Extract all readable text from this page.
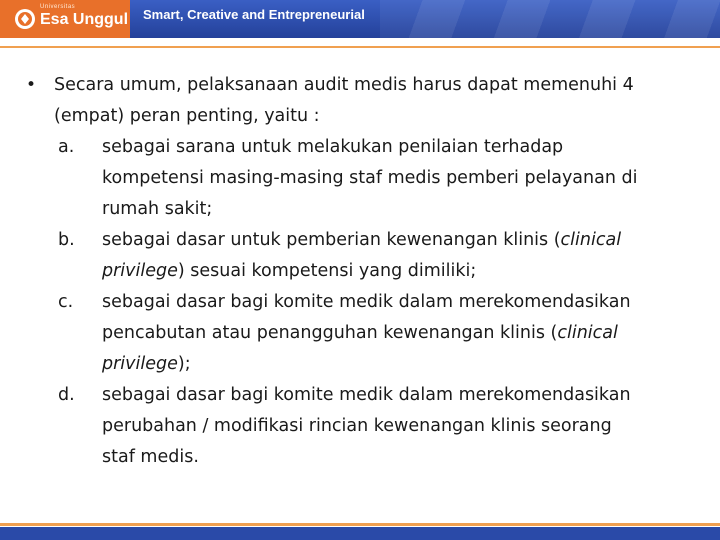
Universitas
Esa Unggul Smart, Creative and Entrepreneurial
• Secara umum, pelaksanaan audit medis harus dapat memenuhi 4
(empat) peran penting, yaitu :
a.	sebagai sarana untuk melakukan penilaian terhadap
kompetensi masing-masing staf medis pemberi pelayanan di
rumah sakit;
b.	sebagai dasar untuk pemberian kewenangan klinis (clinical
privilege) sesuai kompetensi yang dimiliki;
c.	sebagai dasar bagi komite medik dalam merekomendasikan
pencabutan atau penangguhan kewenangan klinis (clinical
privilege);
d.	sebagai dasar bagi komite medik dalam merekomendasikan
perubahan / modifikasi rincian kewenangan klinis seorang
staf medis.
